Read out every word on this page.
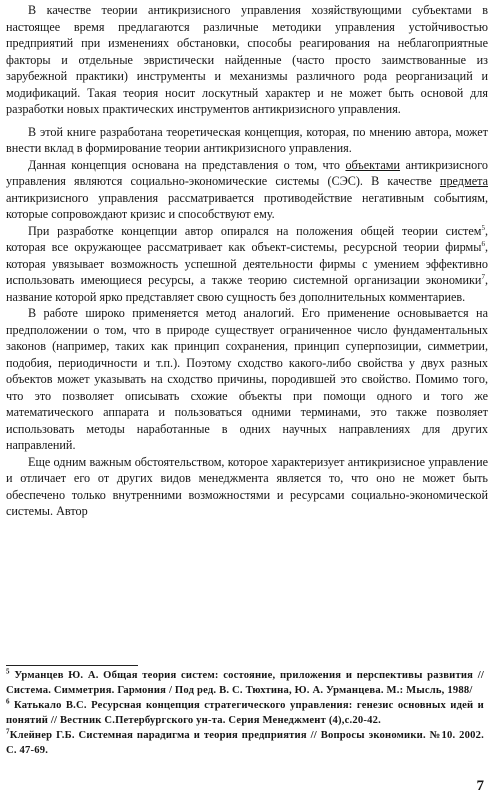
В качестве теории антикризисного управления хозяйствующими субъектами в настоящее время предлагаются различные методики управления устойчивостью предприятий при изменениях обстановки, способы реагирования на неблагоприятные факторы и отдельные эвристически найденные (часто просто заимствованные из зарубежной практики) инструменты и механизмы различного рода реорганизаций и модификаций. Такая теория носит лоскутный характер и не может быть основой для разработки новых практических инструментов антикризисного управления.

В этой книге разработана теоретическая концепция, которая, по мнению автора, может внести вклад в формирование теории антикризисного управления.

Данная концепция основана на представления о том, что объектами антикризисного управления являются социально-экономические системы (СЭС). В качестве предмета антикризисного управления рассматривается противодействие негативным событиям, которые сопровождают кризис и способствуют ему.

При разработке концепции автор опирался на положения общей теории систем$^5$, которая все окружающее рассматривает как объект-системы, ресурсной теории фирмы$^6$, которая увязывает возможность успешной деятельности фирмы с умением эффективно использовать имеющиеся ресурсы, а также теорию системной организации экономики$^7$, название которой ярко представляет свою сущность без дополнительных комментариев.

В работе широко применяется метод аналогий. Его применение основывается на предположении о том, что в природе существует ограниченное число фундаментальных законов (например, таких как принцип сохранения, принцип суперпозиции, симметрии, подобия, периодичности и т.п.). Поэтому сходство какого-либо свойства у двух разных объектов может указывать на сходство причины, породившей это свойство. Помимо того, что это позволяет описывать схожие объекты при помощи одного и того же математического аппарата и пользоваться одними терминами, это также позволяет использовать методы наработанные в одних научных направлениях для других направлений.

Еще одним важным обстоятельством, которое характеризует антикризисное управление и отличает его от других видов менеджмента является то, что оно не может быть обеспечено только внутренними возможностями и ресурсами социально-экономической системы. Автор

$^5$ Урманцев Ю. А. Общая теория систем: состояние, приложения и перспективы развития // Система. Симметрия. Гармония / Под ред. В. С. Тюхтина, Ю. А. Урманцева. М.: Мысль, 1988/

$^6$ Катькало В.С. Ресурсная концепция стратегического управления: генезис основных идей и понятий // Вестник С.Петербургского ун-та. Серия Менеджмент (4),с.20-42.

$^7$Клейнер Г.Б. Системная парадигма и теория предприятия // Вопросы экономики. №10. 2002. С. 47-69.

7
